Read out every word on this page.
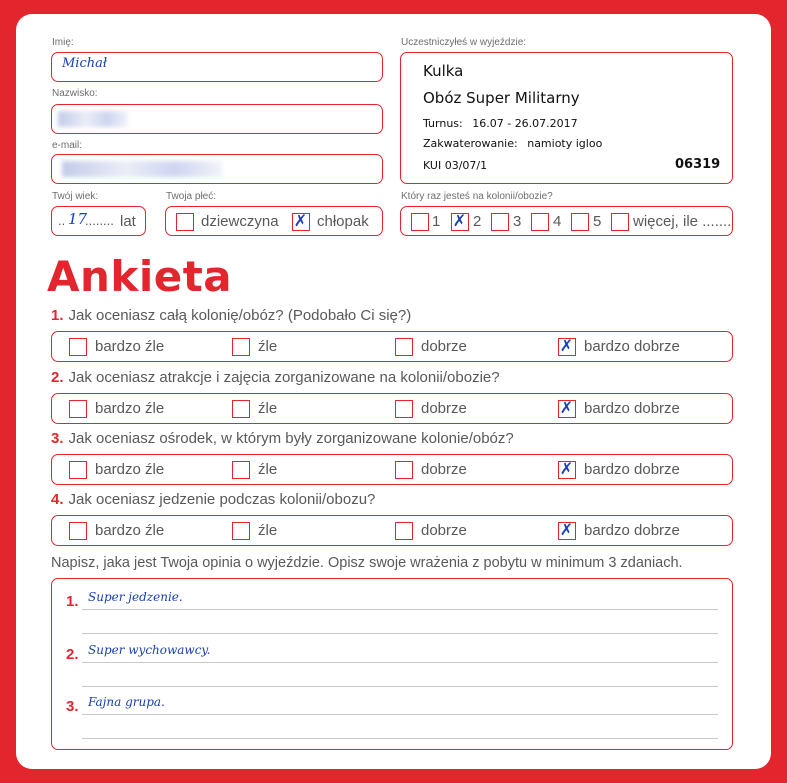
Imię:
Michał
Nazwisko:
e-mail:
Twój wiek:
.. 17
........ lat
Twoja płeć:
dziewczyna ✗ chłopak
Uczestniczyłeś w wyjeździe:
Kulka
Obóz Super Militarny
Turnus: 16.07 - 26.07.2017
Zakwaterowanie: namioty igloo
KUI 03/07/1	06319
Który raz jesteś na kolonii/obozie?
1 ✗ 2 3 4 5 więcej, ile .......
Ankieta
1. Jak oceniasz całą kolonię/obóz? (Podobało Ci się?)
bardzo źle	źle	dobrze	✗ bardzo dobrze
2. Jak oceniasz atrakcje i zajęcia zorganizowane na kolonii/obozie?
bardzo źle	źle	dobrze	✗ bardzo dobrze
3. Jak oceniasz ośrodek, w którym były zorganizowane kolonie/obóz?
bardzo źle	źle	dobrze	✗ bardzo dobrze
4. Jak oceniasz jedzenie podczas kolonii/obozu?
bardzo źle	źle	dobrze	✗ bardzo dobrze
Napisz, jaka jest Twoja opinia o wyjeździe. Opisz swoje wrażenia z pobytu w minimum 3 zdaniach.
1. Super jedzenie.
2. Super wychowawcy.
3. Fajna grupa.
